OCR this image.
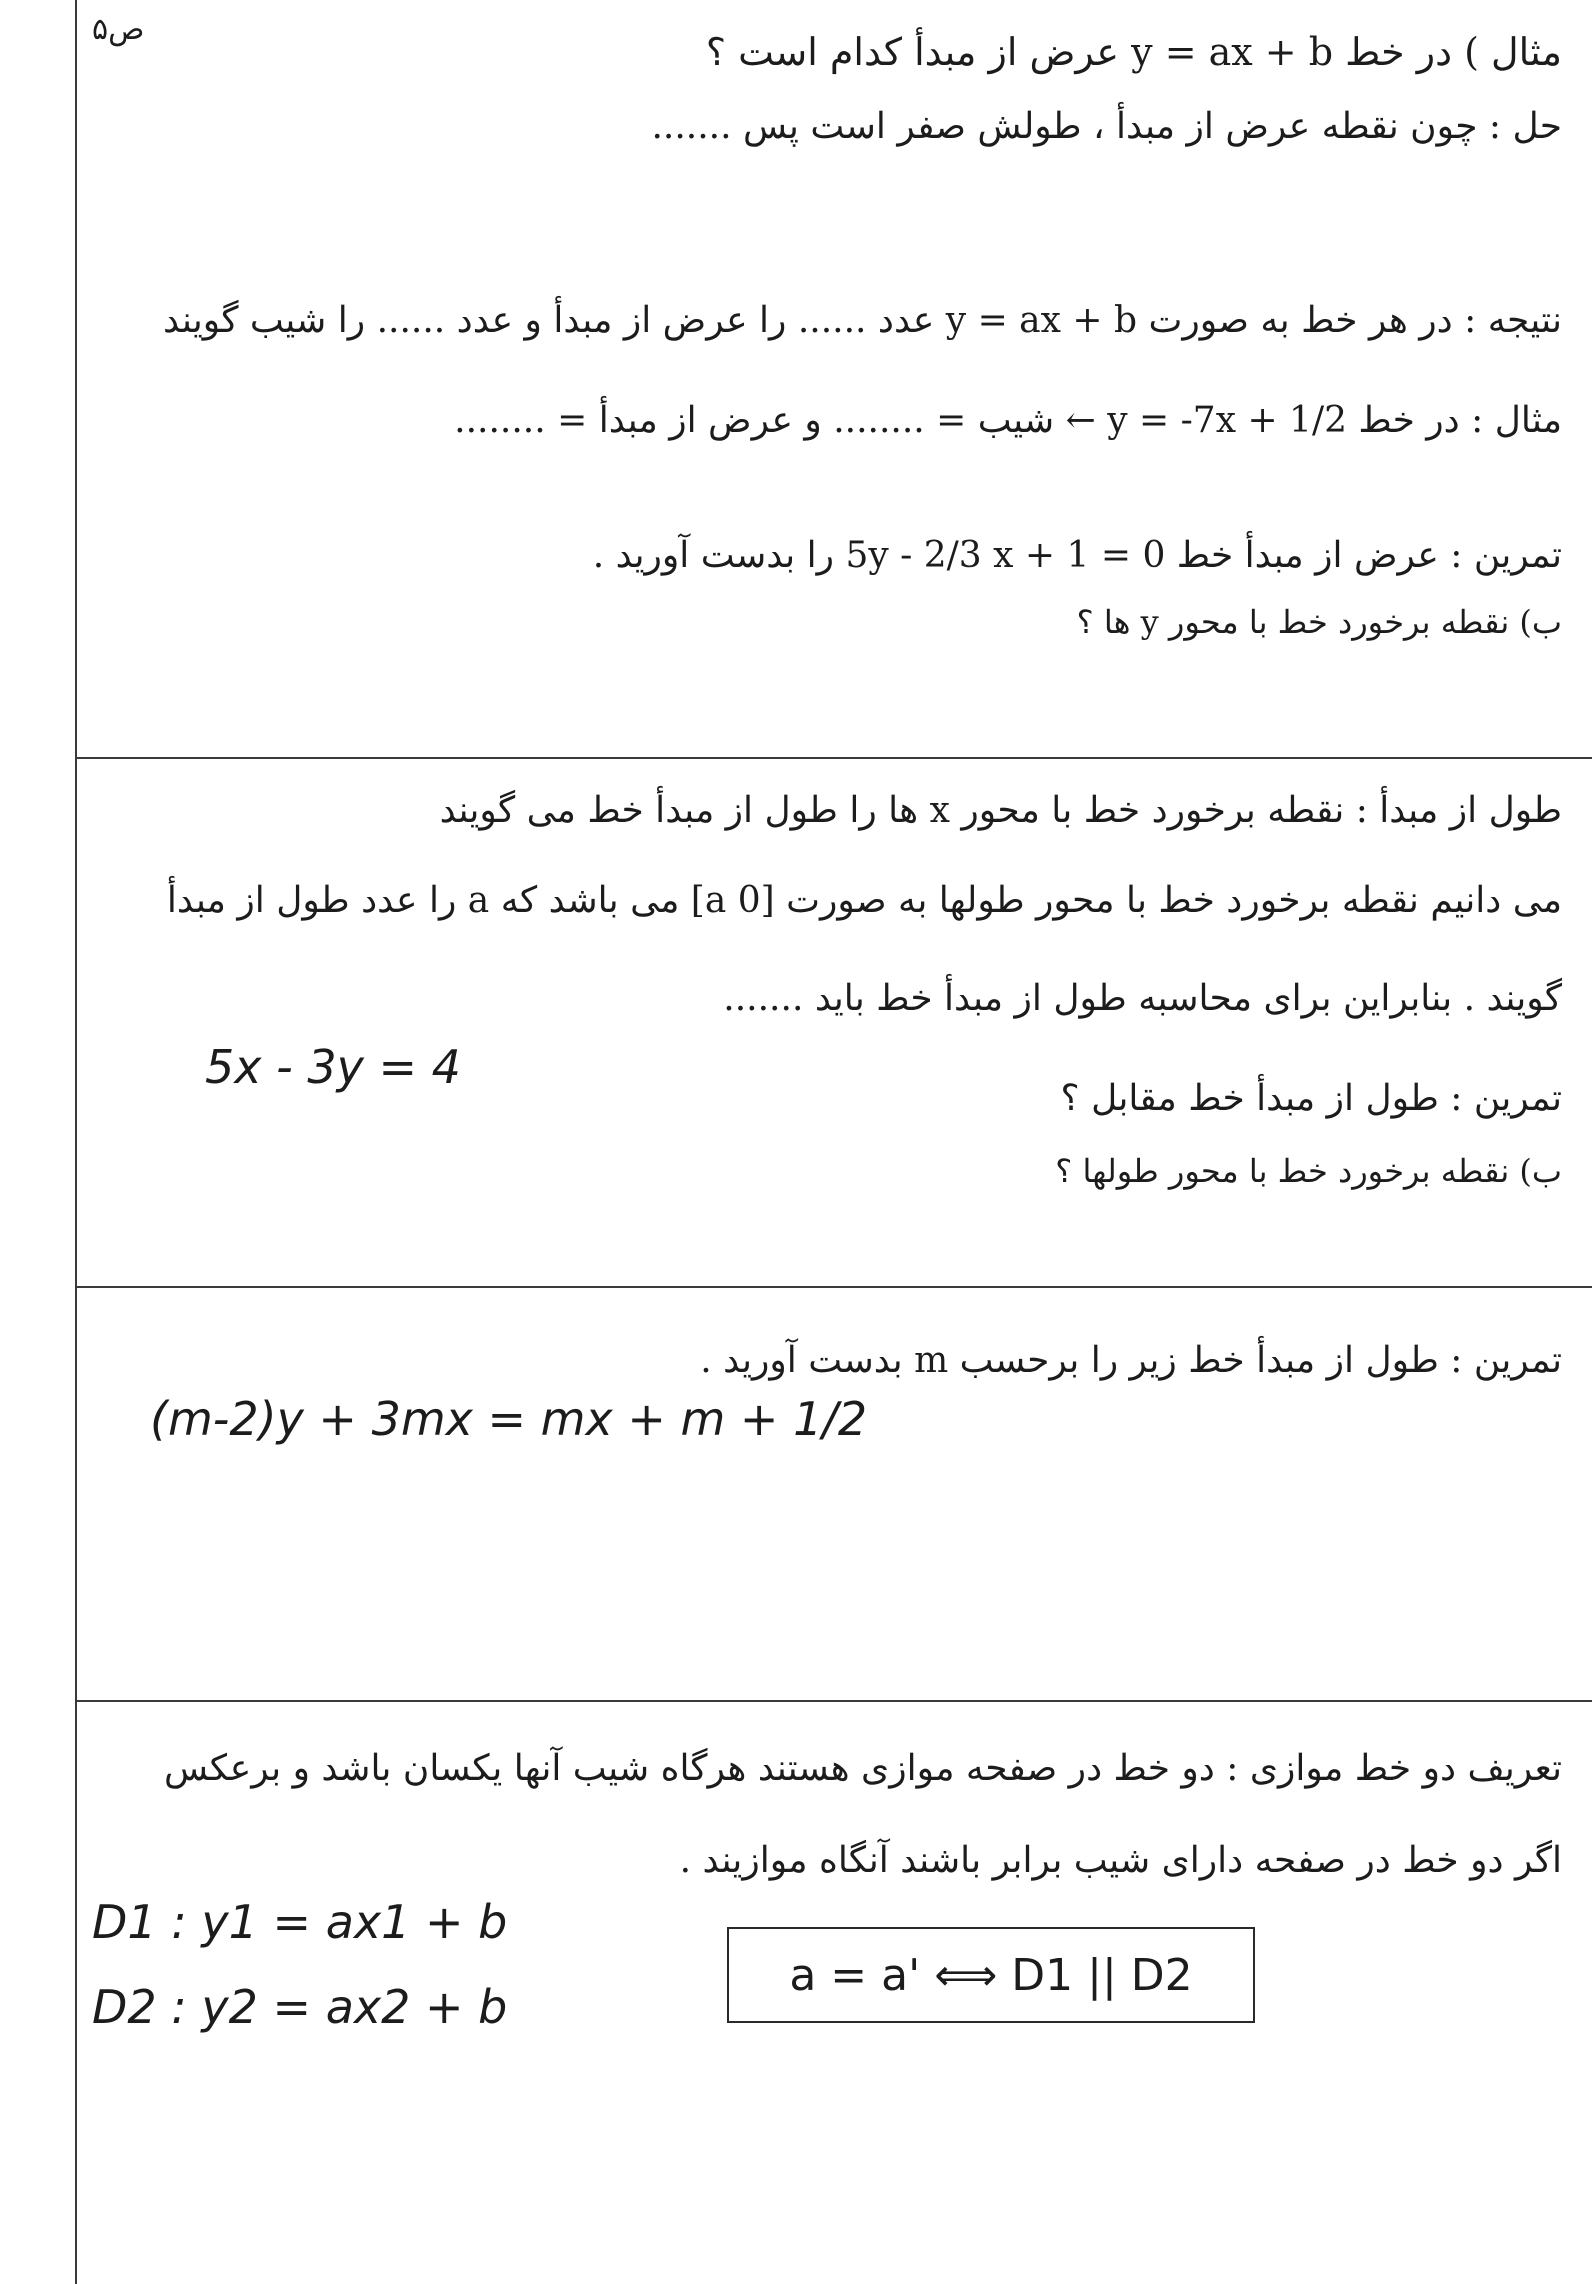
ص۵
مثال ) در خط y = ax + b عرض از مبدأ کدام است ؟
حل : چون نقطه عرض از مبدأ ، طولش صفر است پس .......
نتیجه : در هر خط به صورت y = ax + b عدد ...... را عرض از مبدأ و عدد ...... را شیب گویند
مثال : در خط y = -7x + 1/2 ← شیب = ........ و عرض از مبدأ = ........
تمرین : عرض از مبدأ خط 5y - 2/3 x + 1 = 0 را بدست آورید .
ب) نقطه برخورد خط با محور y ها ؟
طول از مبدأ : نقطه برخورد خط با محور x ها را طول از مبدأ خط می گویند
می دانیم نقطه برخورد خط با محور طولها به صورت [a 0] می باشد که a را عدد طول از مبدأ
گویند . بنابراین برای محاسبه طول از مبدأ خط باید .......
5x - 3y = 4
تمرین : طول از مبدأ خط مقابل ؟
ب) نقطه برخورد خط با محور طولها ؟
تمرین : طول از مبدأ خط زیر را برحسب m بدست آورید .
(m-2)y + 3mx = mx + m + 1/2
تعریف دو خط موازی : دو خط در صفحه موازی هستند هرگاه شیب آنها یکسان باشد و برعکس
اگر دو خط در صفحه دارای شیب برابر باشند آنگاه موازیند .
D1 : y1 = ax1 + b
D2 : y2 = ax2 + b
a = a' ⟺ D1 || D2
